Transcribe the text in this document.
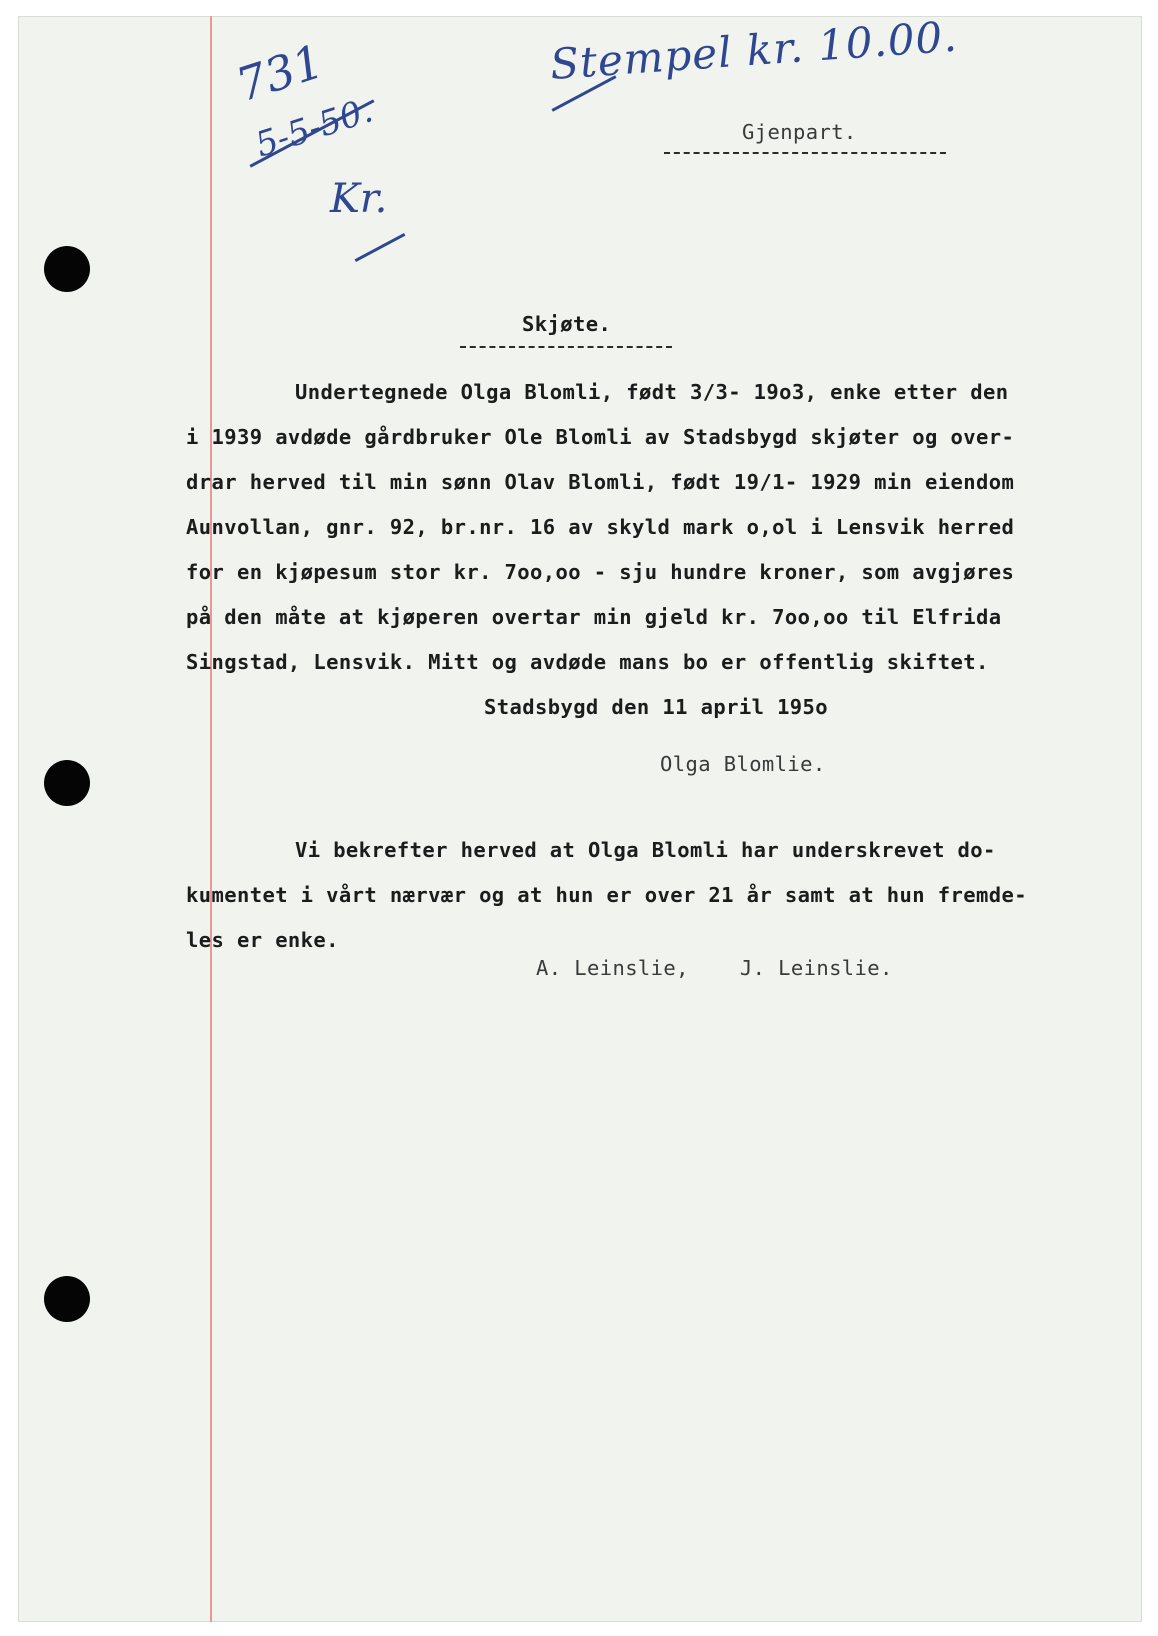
Stempel kr. 10.00.
731
5-5-50.
Kr.
Gjenpart.
Skjøte.
Undertegnede Olga Blomli, født 3/3- 19o3, enke etter den
i 1939 avdøde gårdbruker Ole Blomli av Stadsbygd skjøter og over-
drar herved til min sønn Olav Blomli, født 19/1- 1929 min eiendom
Aunvollan, gnr. 92, br.nr. 16 av skyld mark o,ol i Lensvik herred
for en kjøpesum stor kr. 7oo,oo - sju hundre kroner, som avgjøres
på den måte at kjøperen overtar min gjeld kr. 7oo,oo til Elfrida
Singstad, Lensvik. Mitt og avdøde mans bo er offentlig skiftet.
Stadsbygd den 11 april 195o
Olga Blomlie.
Vi bekrefter herved at Olga Blomli har underskrevet do-
kumentet i vårt nærvær og at hun er over 21 år samt at hun fremde-
les er enke.
A. Leinslie,    J. Leinslie.
